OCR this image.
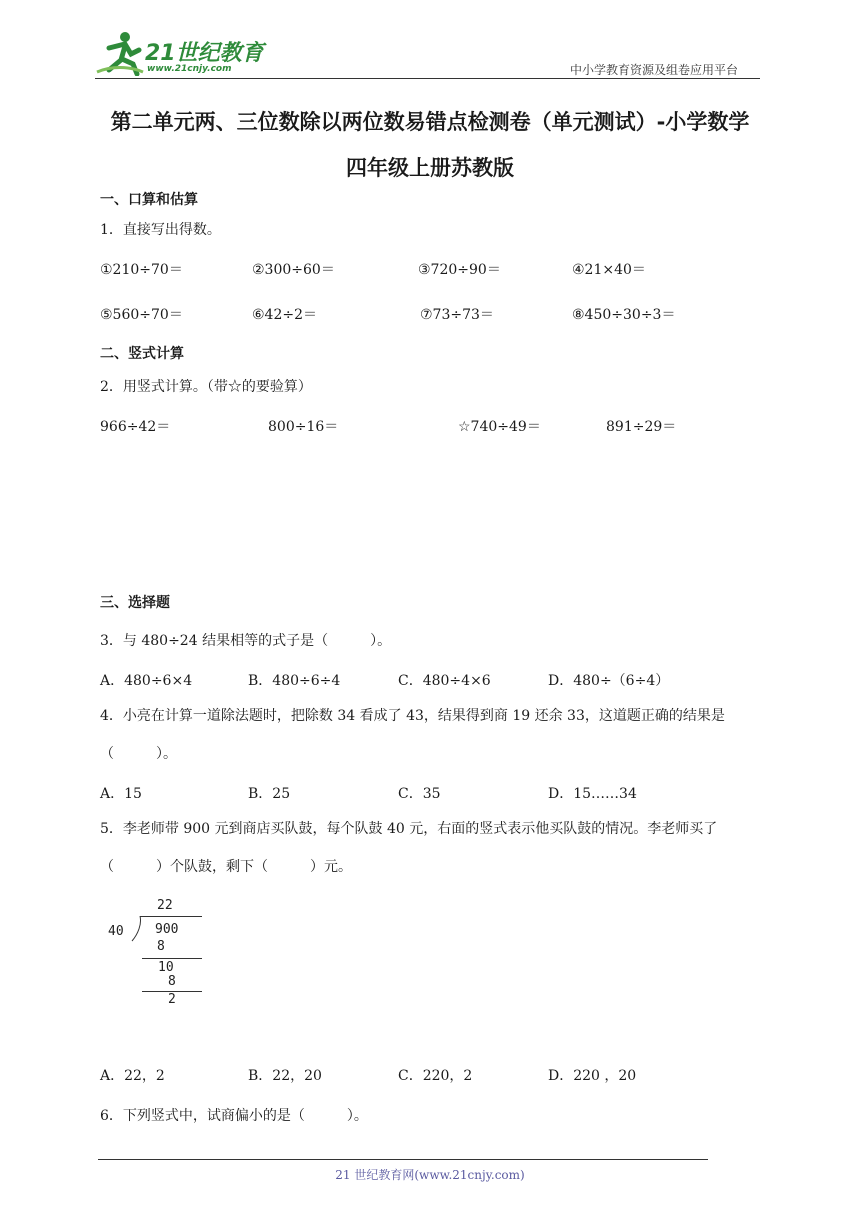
21世纪教育
www.21cnjy.com	中小学教育资源及组卷应用平台
第二单元两、三位数除以两位数易错点检测卷（单元测试）-小学数学
四年级上册苏教版
一、口算和估算
1．直接写出得数。
①210÷70＝	②300÷60＝	③720÷90＝	④21×40＝
⑤560÷70＝	⑥42÷2＝	⑦73÷73＝	⑧450÷30÷3＝
二、竖式计算
2．用竖式计算。（带☆的要验算）
966÷42＝	800÷16＝	☆740÷49＝	891÷29＝
三、选择题
3．与 480÷24 结果相等的式子是（　　　）。
A．480÷6×4	B．480÷6÷4	C．480÷4×6	D．480÷（6÷4）
4．小亮在计算一道除法题时，把除数 34 看成了 43，结果得到商 19 还余 33，这道题正确的结果是
（　　　）。
A．15	B．25	C．35	D．15……34
5．李老师带 900 元到商店买队鼓，每个队鼓 40 元，右面的竖式表示他买队鼓的情况。李老师买了
（　　　）个队鼓，剩下（　　　）元。
22
40 900
8
10
8
2
A．22，2	B．22，20	C．220，2	D．220 ，20
6．下列竖式中，试商偏小的是（　　　）。
21 世纪教育网(www.21cnjy.com)
